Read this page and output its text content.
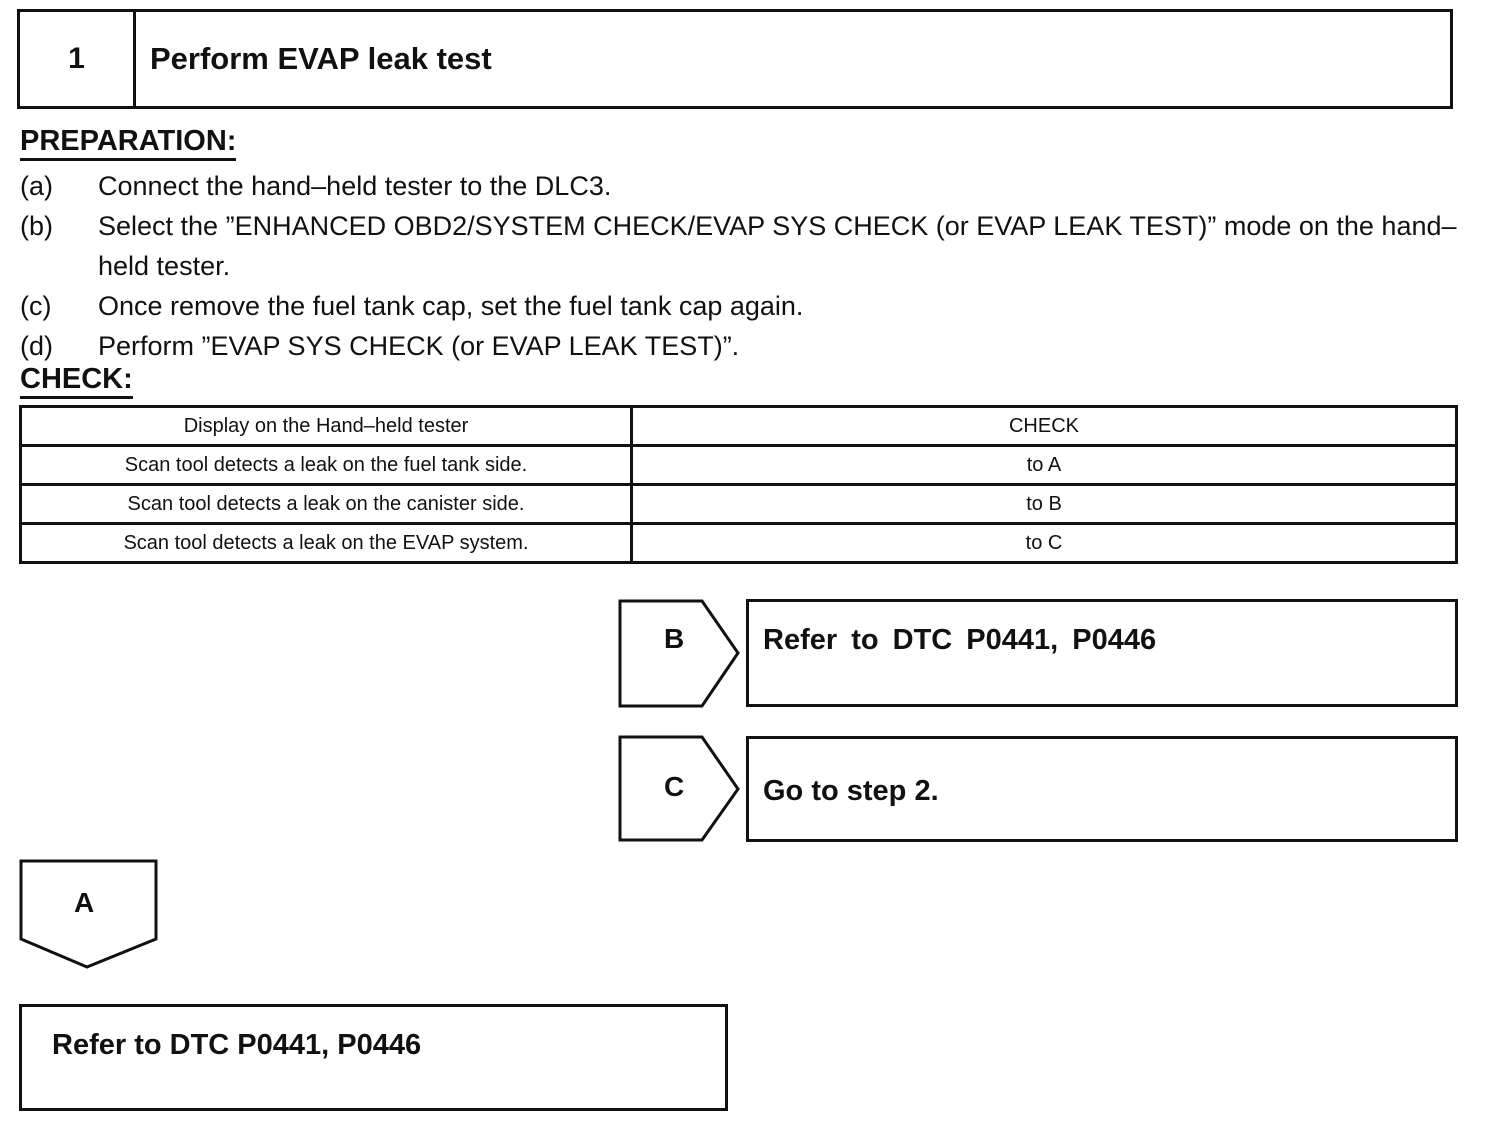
1	Perform EVAP leak test
PREPARATION:
(a)	Connect the hand–held tester to the DLC3.
(b)	Select the ”ENHANCED OBD2/SYSTEM CHECK/EVAP SYS CHECK (or EVAP LEAK TEST)” mode on the hand–held tester.
(c)	Once remove the fuel tank cap, set the fuel tank cap again.
(d)	Perform ”EVAP SYS CHECK (or EVAP LEAK TEST)”.
CHECK:
Display on the Hand–held tester	CHECK
Scan tool detects a leak on the fuel tank side.	to A
Scan tool detects a leak on the canister side.	to B
Scan tool detects a leak on the EVAP system.	to C
B	Refer to DTC P0441, P0446
C	Go to step 2.
A
Refer to DTC P0441, P0446
